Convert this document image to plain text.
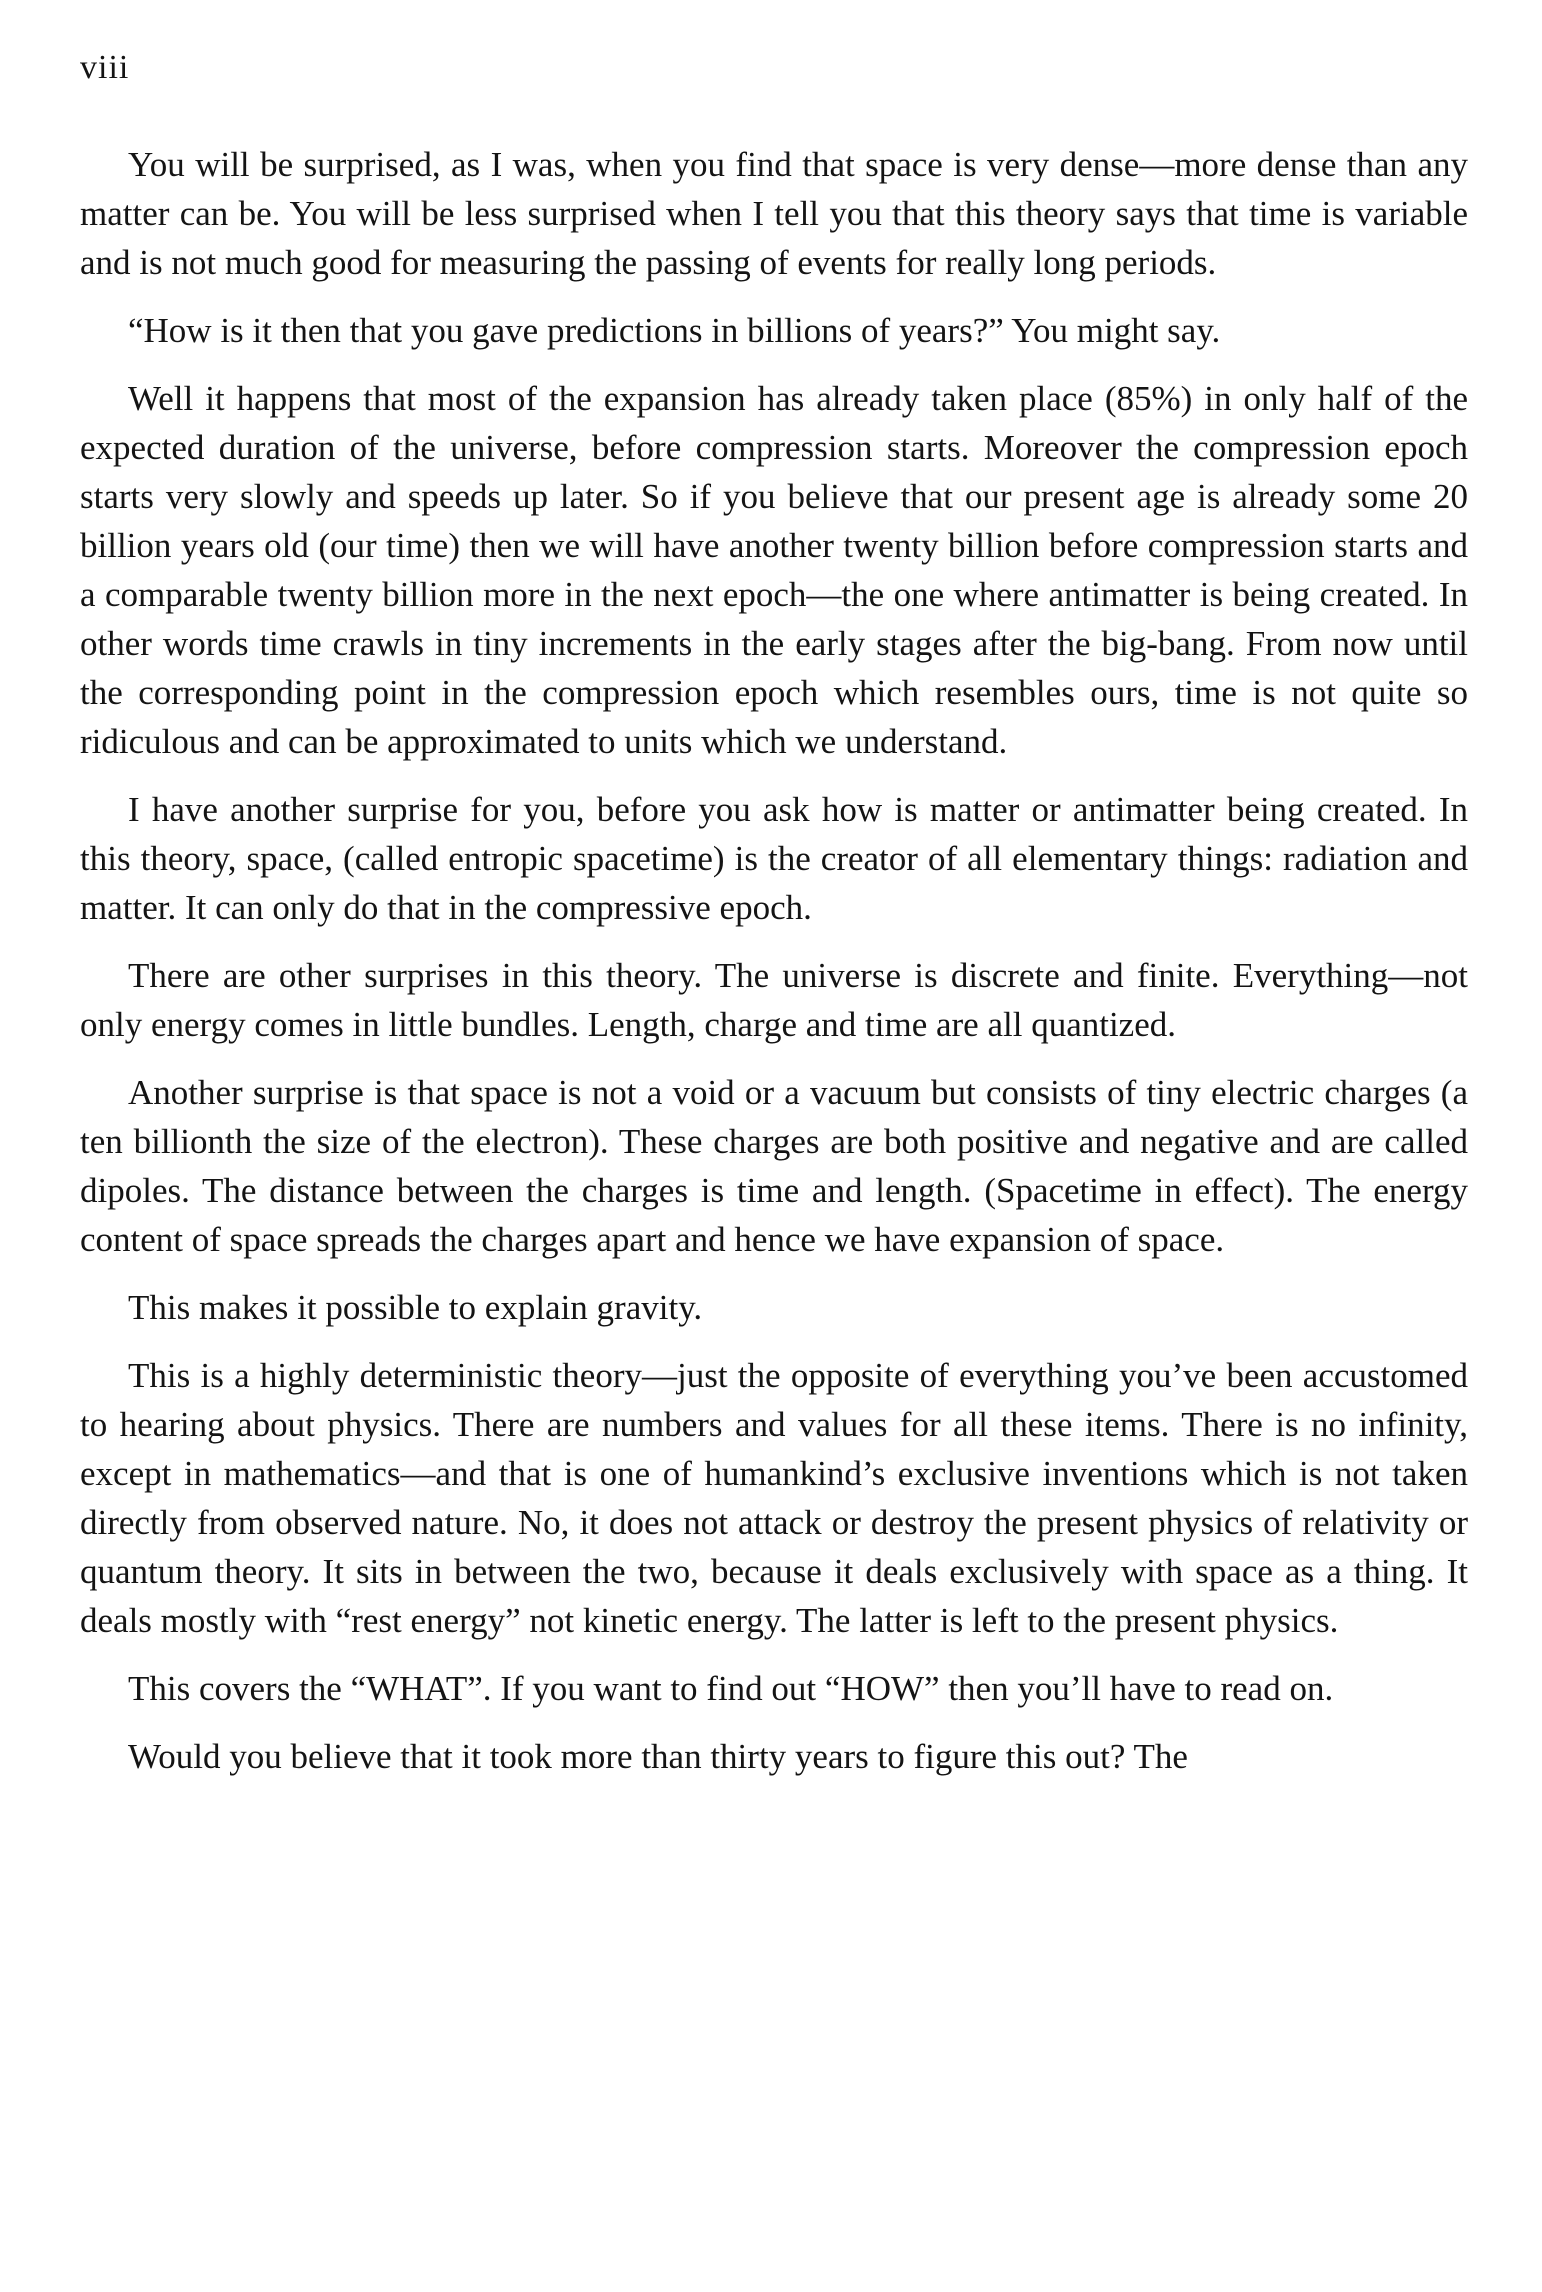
viii

You will be surprised, as I was, when you find that space is very dense—more dense than any matter can be. You will be less surprised when I tell you that this theory says that time is variable and is not much good for measuring the passing of events for really long periods.

“How is it then that you gave predictions in billions of years?” You might say.

Well it happens that most of the expansion has already taken place (85%) in only half of the expected duration of the universe, before compression starts. Moreover the compression epoch starts very slowly and speeds up later. So if you believe that our present age is already some 20 billion years old (our time) then we will have another twenty billion before compression starts and a comparable twenty billion more in the next epoch—the one where antimatter is being created. In other words time crawls in tiny increments in the early stages after the big-bang. From now until the corresponding point in the compression epoch which resembles ours, time is not quite so ridiculous and can be approximated to units which we understand.

I have another surprise for you, before you ask how is matter or antimatter being created. In this theory, space, (called entropic spacetime) is the creator of all elementary things: radiation and matter. It can only do that in the compressive epoch.

There are other surprises in this theory. The universe is discrete and finite. Everything—not only energy comes in little bundles. Length, charge and time are all quantized.

Another surprise is that space is not a void or a vacuum but consists of tiny electric charges (a ten billionth the size of the electron). These charges are both positive and negative and are called dipoles. The distance between the charges is time and length. (Spacetime in effect). The energy content of space spreads the charges apart and hence we have expansion of space.

This makes it possible to explain gravity.

This is a highly deterministic theory—just the opposite of everything you’ve been accustomed to hearing about physics. There are numbers and values for all these items. There is no infinity, except in mathematics—and that is one of humankind’s exclusive inventions which is not taken directly from observed nature. No, it does not attack or destroy the present physics of relativity or quantum theory. It sits in between the two, because it deals exclusively with space as a thing. It deals mostly with “rest energy” not kinetic energy. The latter is left to the present physics.

This covers the “WHAT”. If you want to find out “HOW” then you’ll have to read on.

Would you believe that it took more than thirty years to figure this out? The
